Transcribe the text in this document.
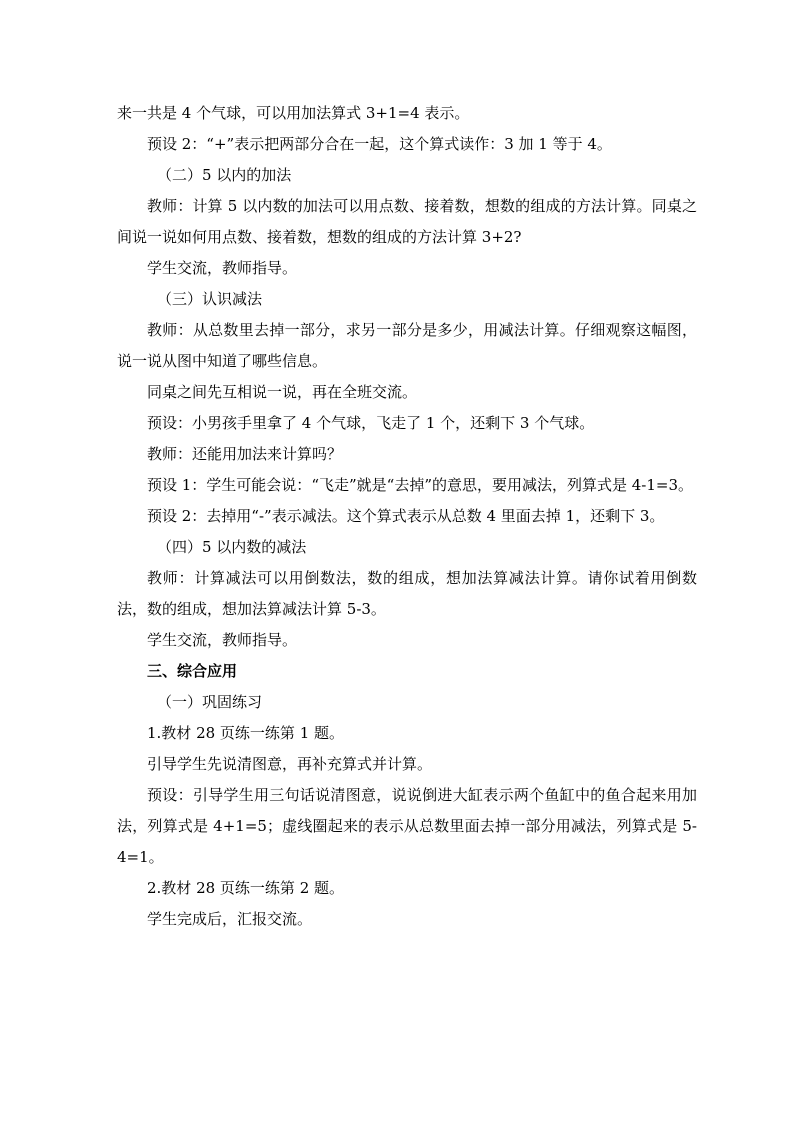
来一共是 4 个气球，可以用加法算式 3+1=4 表示。

预设 2：“+”表示把两部分合在一起，这个算式读作：3 加 1 等于 4。

（二）5 以内的加法

教师：计算 5 以内数的加法可以用点数、接着数，想数的组成的方法计算。同桌之间说一说如何用点数、接着数，想数的组成的方法计算 3+2?

学生交流，教师指导。

（三）认识减法

教师：从总数里去掉一部分，求另一部分是多少，用减法计算。仔细观察这幅图，说一说从图中知道了哪些信息。

同桌之间先互相说一说，再在全班交流。

预设：小男孩手里拿了 4 个气球，飞走了 1 个，还剩下 3 个气球。

教师：还能用加法来计算吗？

预设 1：学生可能会说：“飞走”就是“去掉”的意思，要用减法，列算式是 4-1=3。

预设 2：去掉用“-”表示减法。这个算式表示从总数 4 里面去掉 1，还剩下 3。

（四）5 以内数的减法

教师：计算减法可以用倒数法，数的组成，想加法算减法计算。请你试着用倒数法，数的组成，想加法算减法计算 5-3。

学生交流，教师指导。

三、综合应用

（一）巩固练习

1.教材 28 页练一练第 1 题。

引导学生先说清图意，再补充算式并计算。

预设：引导学生用三句话说清图意，说说倒进大缸表示两个鱼缸中的鱼合起来用加法，列算式是 4+1=5；虚线圈起来的表示从总数里面去掉一部分用减法，列算式是 5-4=1。

2.教材 28 页练一练第 2 题。

学生完成后，汇报交流。
